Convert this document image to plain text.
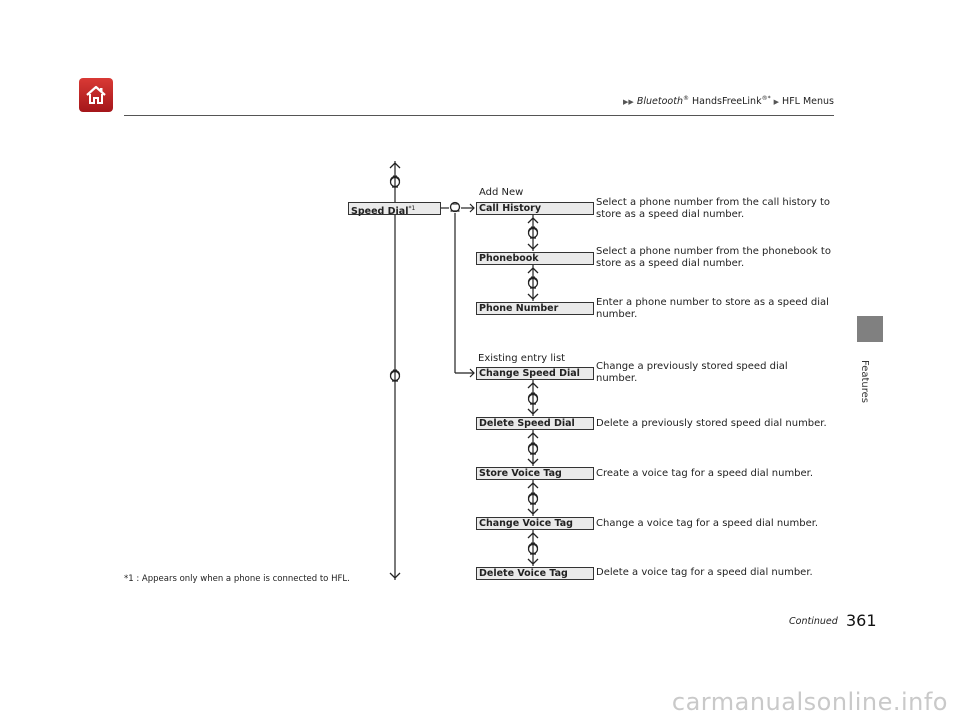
▶▶ Bluetooth® HandsFreeLink®* ▶ HFL Menus
Features
Speed Dial$^{*1}$
Add New
Existing entry list
Call History
Phonebook
Phone Number
Change Speed Dial
Delete Speed Dial
Store Voice Tag
Change Voice Tag
Delete Voice Tag
Select a phone number from the call history to store as a speed dial number.
Select a phone number from the phonebook to store as a speed dial number.
Enter a phone number to store as a speed dial number.
Change a previously stored speed dial number.
Delete a previously stored speed dial number.
Create a voice tag for a speed dial number.
Change a voice tag for a speed dial number.
Delete a voice tag for a speed dial number.
*1 : Appears only when a phone is connected to HFL.
Continued 361
carmanualsonline.info
